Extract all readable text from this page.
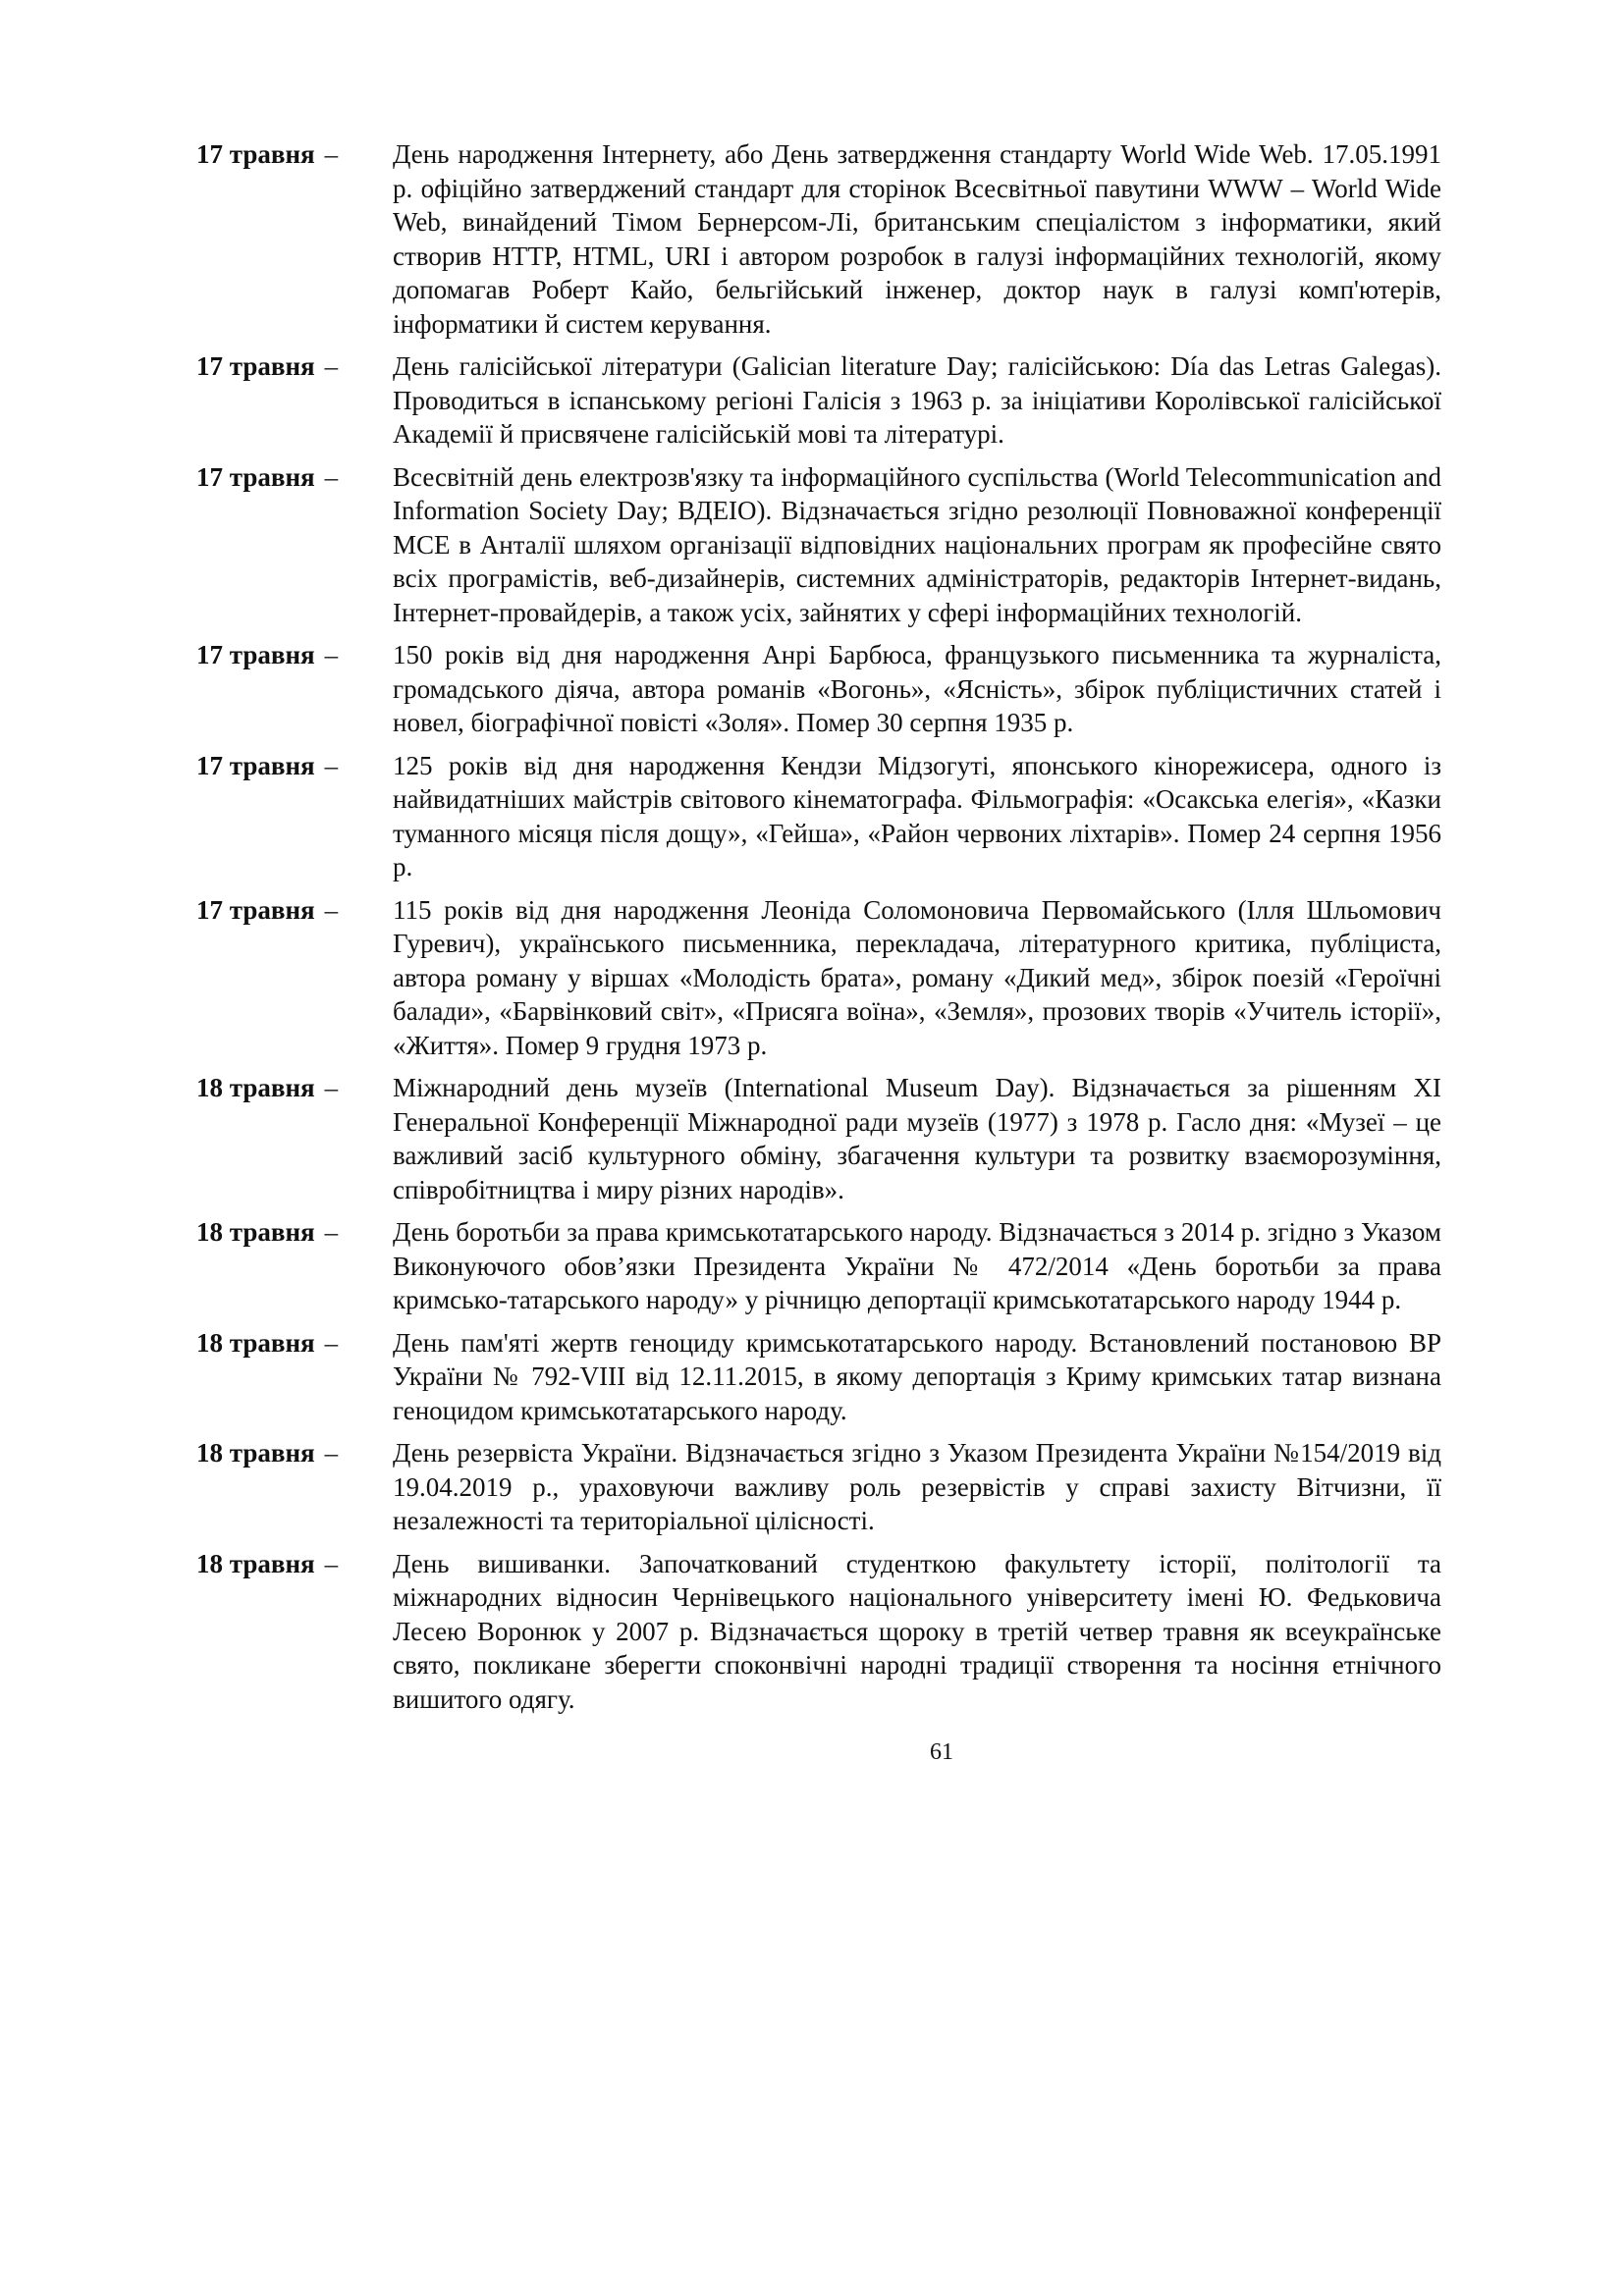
17 травня –	День народження Інтернету, або День затвердження стандарту World Wide Web. 17.05.1991 р. офіційно затверджений стандарт для сторінок Всесвітньої павутини WWW – World Wide Web, винайдений Тімом Бернерсом-Лі, британським спеціалістом з інформатики, який створив HTTP, HTML, URI і автором розробок в галузі інформаційних технологій, якому допомагав Роберт Кайо, бельгійський інженер, доктор наук в галузі комп'ютерів, інформатики й систем керування.
17 травня –	День галісійської літератури (Galician literature Day; галісійською: Día das Letras Galegas). Проводиться в іспанському регіоні Галісія з 1963 р. за ініціативи Королівської галісійської Академії й присвячене галісійській мові та літературі.
17 травня –	Всесвітній день електрозв'язку та інформаційного суспільства (World Telecommunication and Information Society Day; ВДЕІО). Відзначається згідно резолюції Повноважної конференції МСЕ в Анталії шляхом організації відповідних національних програм як професійне свято всіх програмістів, веб-дизайнерів, системних адміністраторів, редакторів Інтернет-видань, Інтернет-провайдерів, а також усіх, зайнятих у сфері інформаційних технологій.
17 травня –	150 років від дня народження Анрі Барбюса, французького письменника та журналіста, громадського діяча, автора романів «Вогонь», «Ясність», збірок публіцистичних статей і новел, біографічної повісті «Золя». Помер 30 серпня 1935 р.
17 травня –	125 років від дня народження Кендзи Мідзогуті, японського кінорежисера, одного із найвидатніших майстрів світового кінематографа. Фільмографія: «Осакська елегія», «Казки туманного місяця після дощу», «Гейша», «Район червоних ліхтарів». Помер 24 серпня 1956 р.
17 травня –	115 років від дня народження Леоніда Соломоновича Первомайського (Ілля Шльомович Гуревич), українського письменника, перекладача, літературного критика, публіциста, автора роману у віршах «Молодість брата», роману «Дикий мед», збірок поезій «Героїчні балади», «Барвінковий світ», «Присяга воїна», «Земля», прозових творів «Учитель історії», «Життя». Помер 9 грудня 1973 р.
18 травня –	Міжнародний день музеїв (International Museum Day). Відзначається за рішенням XI Генеральної Конференції Міжнародної ради музеїв (1977) з 1978 р. Гасло дня: «Музеї – це важливий засіб культурного обміну, збагачення культури та розвитку взаєморозуміння, співробітництва і миру різних народів».
18 травня –	День боротьби за права кримськотатарського народу. Відзначається з 2014 р. згідно з Указом Виконуючого обов’язки Президента України № 472/2014 «День боротьби за права кримсько-татарського народу» у річницю депортації кримськотатарського народу 1944 р.
18 травня –	День пам'яті жертв геноциду кримськотатарського народу. Встановлений постановою ВР України № 792-VIII від 12.11.2015, в якому депортація з Криму кримських татар визнана геноцидом кримськотатарського народу.
18 травня –	День резервіста України. Відзначається згідно з Указом Президента України №154/2019 від 19.04.2019 р., ураховуючи важливу роль резервістів у справі захисту Вітчизни, її незалежності та територіальної цілісності.
18 травня –	День вишиванки. Започаткований студенткою факультету історії, політології та міжнародних відносин Чернівецького національного університету імені Ю. Федьковича Лесею Воронюк у 2007 р. Відзначається щороку в третій четвер травня як всеукраїнське свято, покликане зберегти споконвічні народні традиції створення та носіння етнічного вишитого одягу.
61
